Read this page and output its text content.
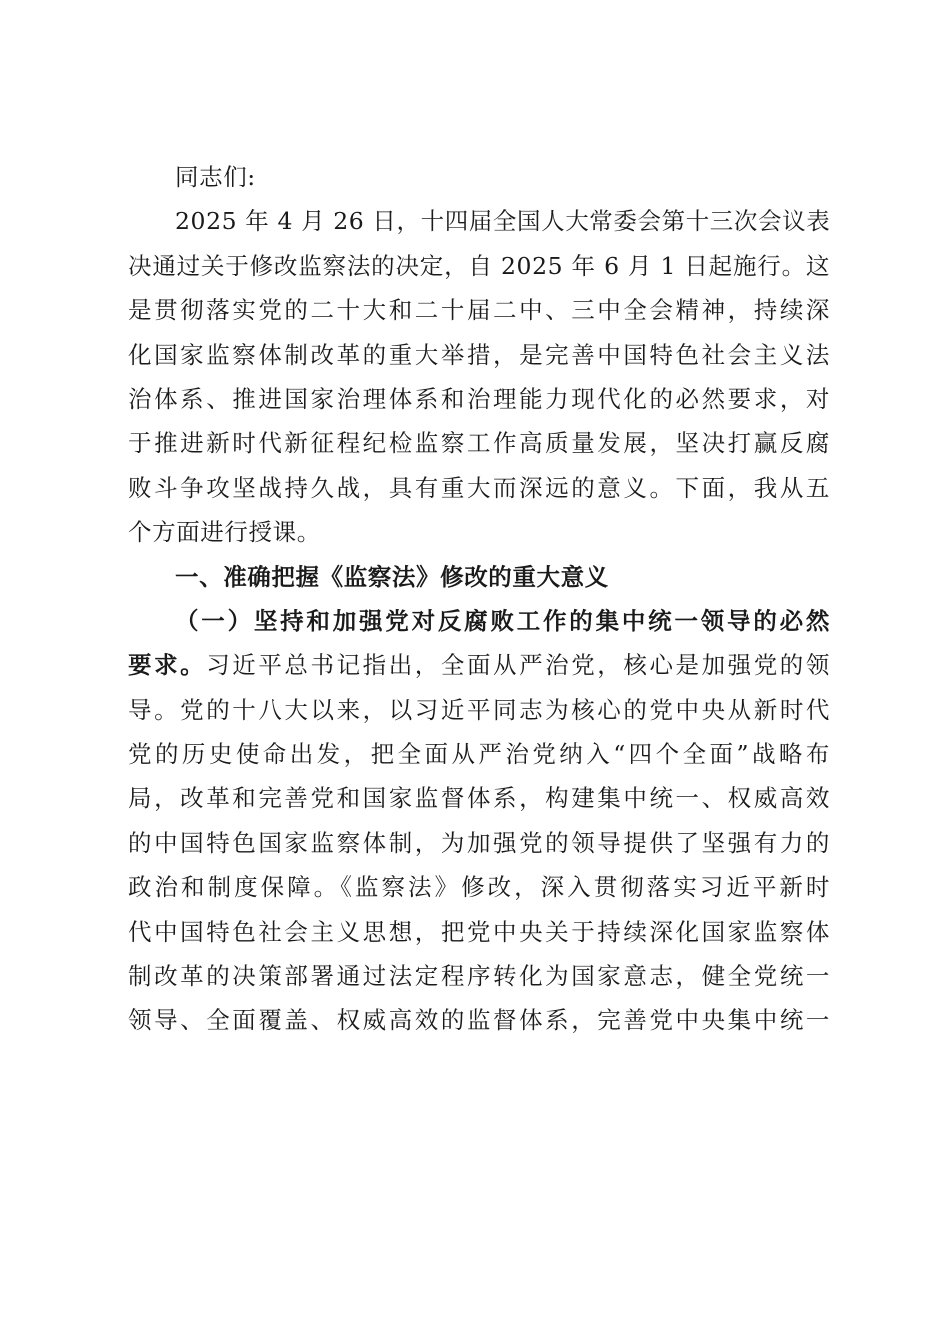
同志们:
2025 年 4 月 26 日，十四届全国人大常委会第十三次会议表
决通过关于修改监察法的决定，自 2025 年 6 月 1 日起施行。这
是贯彻落实党的二十大和二十届二中、三中全会精神，持续深
化国家监察体制改革的重大举措，是完善中国特色社会主义法
治体系、推进国家治理体系和治理能力现代化的必然要求，对
于推进新时代新征程纪检监察工作高质量发展，坚决打赢反腐
败斗争攻坚战持久战，具有重大而深远的意义。下面，我从五
个方面进行授课。
一、准确把握《监察法》修改的重大意义
（一）坚持和加强党对反腐败工作的集中统一领导的必然
要求。习近平总书记指出，全面从严治党，核心是加强党的领
导。党的十八大以来，以习近平同志为核心的党中央从新时代
党的历史使命出发，把全面从严治党纳入“四个全面”战略布
局，改革和完善党和国家监督体系，构建集中统一、权威高效
的中国特色国家监察体制，为加强党的领导提供了坚强有力的
政治和制度保障。《监察法》修改，深入贯彻落实习近平新时
代中国特色社会主义思想，把党中央关于持续深化国家监察体
制改革的决策部署通过法定程序转化为国家意志，健全党统一
领导、全面覆盖、权威高效的监督体系，完善党中央集中统一
